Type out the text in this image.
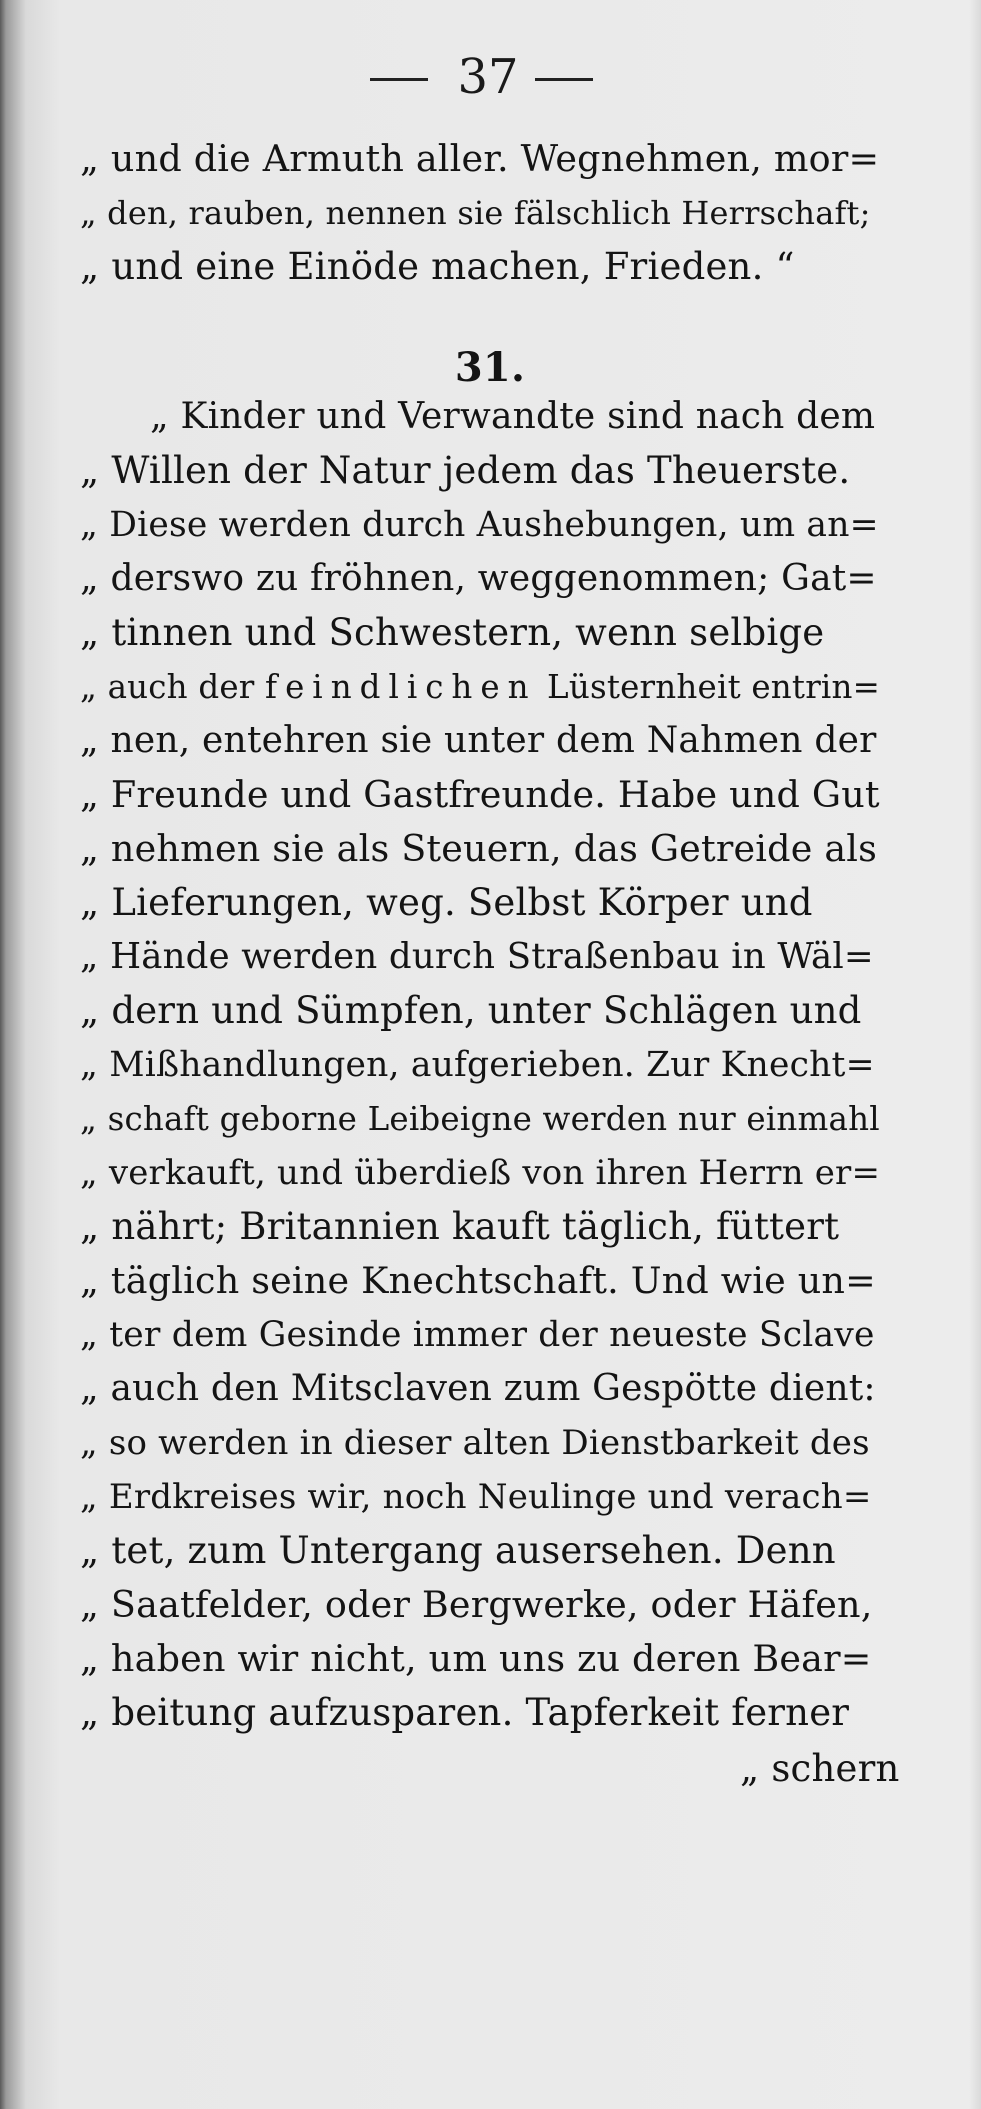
37
„ und die Armuth aller. Wegnehmen, mor=
„ den, rauben, nennen sie fälschlich Herrschaft;
„ und eine Einöde machen, Frieden. “
31.
„ Kinder und Verwandte sind nach dem
„ Willen der Natur jedem das Theuerste.
„ Diese werden durch Aushebungen, um an=
„ derswo zu fröhnen, weggenommen; Gat=
„ tinnen und Schwestern, wenn selbige
„ auch der feindlichen Lüsternheit entrin=
„ nen, entehren sie unter dem Nahmen der
„ Freunde und Gastfreunde. Habe und Gut
„ nehmen sie als Steuern, das Getreide als
„ Lieferungen, weg. Selbst Körper und
„ Hände werden durch Straßenbau in Wäl=
„ dern und Sümpfen, unter Schlägen und
„ Mißhandlungen, aufgerieben. Zur Knecht=
„ schaft geborne Leibeigne werden nur einmahl
„ verkauft, und überdieß von ihren Herrn er=
„ nährt; Britannien kauft täglich, füttert
„ täglich seine Knechtschaft. Und wie un=
„ ter dem Gesinde immer der neueste Sclave
„ auch den Mitsclaven zum Gespötte dient:
„ so werden in dieser alten Dienstbarkeit des
„ Erdkreises wir, noch Neulinge und verach=
„ tet, zum Untergang ausersehen. Denn
„ Saatfelder, oder Bergwerke, oder Häfen,
„ haben wir nicht, um uns zu deren Bear=
„ beitung aufzusparen. Tapferkeit ferner
„ schern
